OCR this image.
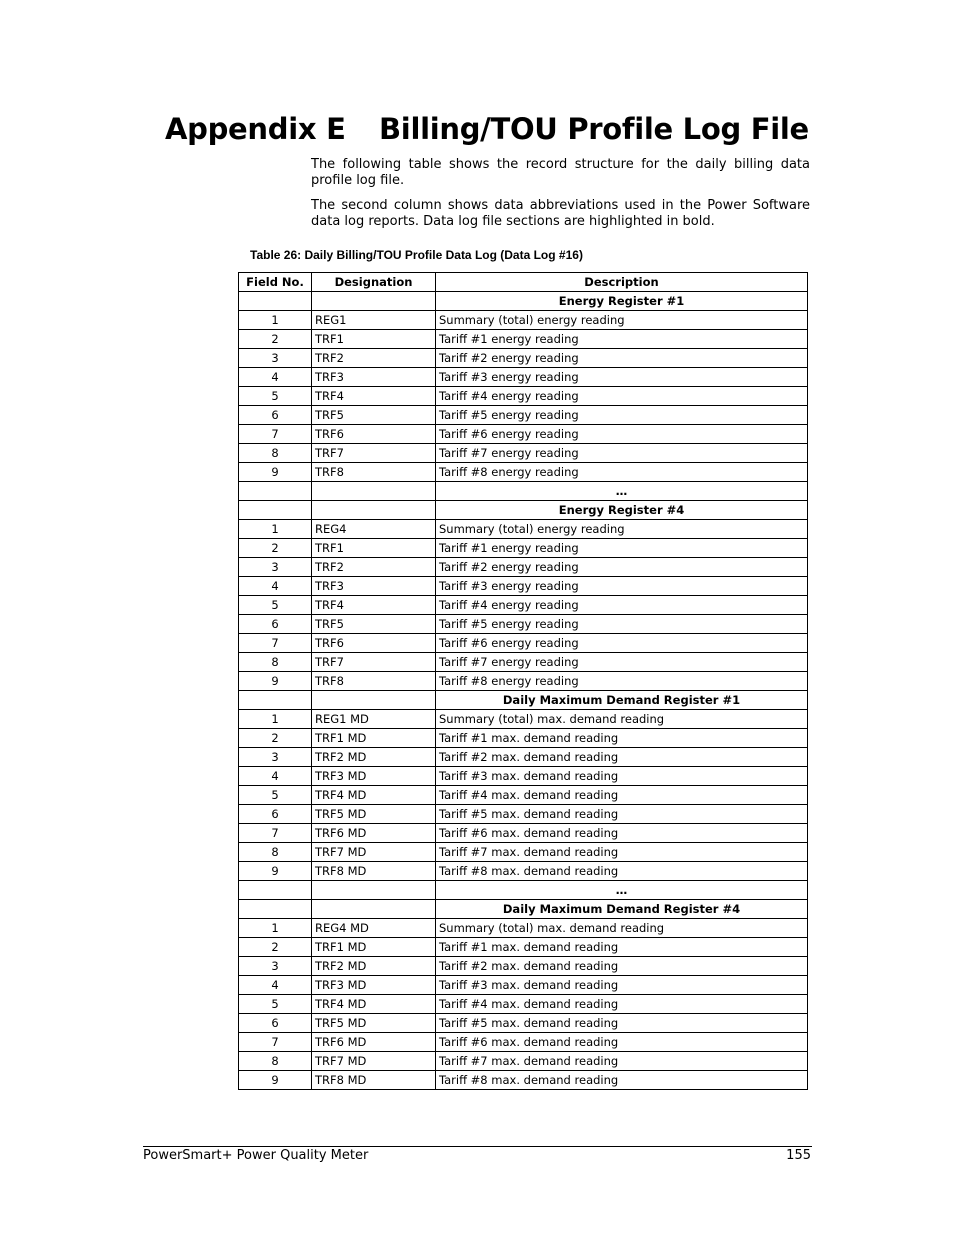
Appendix E Billing/TOU Profile Log File

The following table shows the record structure for the daily billing data profile log file.

The second column shows data abbreviations used in the Power Software data log reports. Data log file sections are highlighted in bold.

Table 26: Daily Billing/TOU Profile Data Log (Data Log #16)
Field No.	Designation	Description
		Energy Register #1
1	REG1	Summary (total) energy reading
2	TRF1	Tariff #1 energy reading
3	TRF2	Tariff #2 energy reading
4	TRF3	Tariff #3 energy reading
5	TRF4	Tariff #4 energy reading
6	TRF5	Tariff #5 energy reading
7	TRF6	Tariff #6 energy reading
8	TRF7	Tariff #7 energy reading
9	TRF8	Tariff #8 energy reading
		…
		Energy Register #4
1	REG4	Summary (total) energy reading
2	TRF1	Tariff #1 energy reading
3	TRF2	Tariff #2 energy reading
4	TRF3	Tariff #3 energy reading
5	TRF4	Tariff #4 energy reading
6	TRF5	Tariff #5 energy reading
7	TRF6	Tariff #6 energy reading
8	TRF7	Tariff #7 energy reading
9	TRF8	Tariff #8 energy reading
		Daily Maximum Demand Register #1
1	REG1 MD	Summary (total) max. demand reading
2	TRF1 MD	Tariff #1 max. demand reading
3	TRF2 MD	Tariff #2 max. demand reading
4	TRF3 MD	Tariff #3 max. demand reading
5	TRF4 MD	Tariff #4 max. demand reading
6	TRF5 MD	Tariff #5 max. demand reading
7	TRF6 MD	Tariff #6 max. demand reading
8	TRF7 MD	Tariff #7 max. demand reading
9	TRF8 MD	Tariff #8 max. demand reading
		…
		Daily Maximum Demand Register #4
1	REG4 MD	Summary (total) max. demand reading
2	TRF1 MD	Tariff #1 max. demand reading
3	TRF2 MD	Tariff #2 max. demand reading
4	TRF3 MD	Tariff #3 max. demand reading
5	TRF4 MD	Tariff #4 max. demand reading
6	TRF5 MD	Tariff #5 max. demand reading
7	TRF6 MD	Tariff #6 max. demand reading
8	TRF7 MD	Tariff #7 max. demand reading
9	TRF8 MD	Tariff #8 max. demand reading
PowerSmart+ Power Quality Meter	155
